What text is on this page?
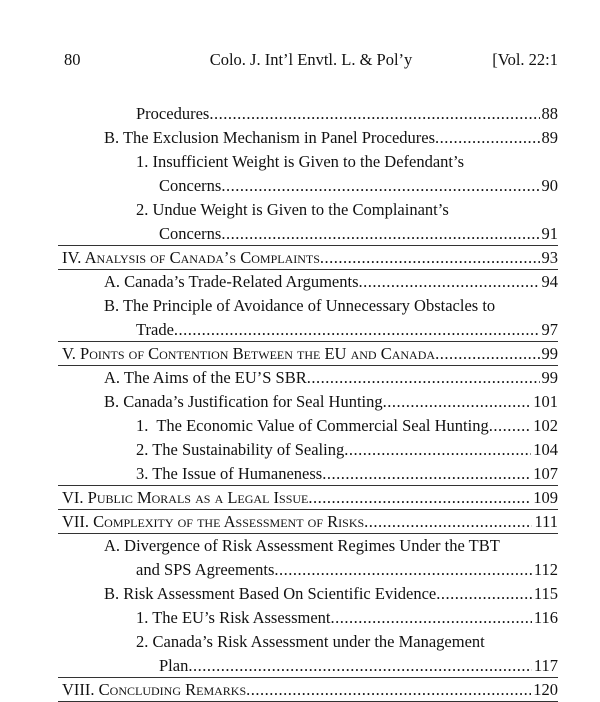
80	Colo. J. Int’l Envtl. L. & Pol’y	[Vol. 22:1
Procedures .....	88
B. The Exclusion Mechanism in Panel Procedures .....	89
1. Insufficient Weight is Given to the Defendant’s
Concerns .....	90
2. Undue Weight is Given to the Complainant’s
Concerns .....	91
IV. Analysis of Canada’s Complaints .....	93
A. Canada’s Trade-Related Arguments .....	94
B. The Principle of Avoidance of Unnecessary Obstacles to
Trade .....	97
V. Points of Contention Between the EU and Canada .....	99
A. The Aims of the EU’S SBR .....	99
B. Canada’s Justification for Seal Hunting .....	101
1.  The Economic Value of Commercial Seal Hunting .....	102
2. The Sustainability of Sealing .....	104
3. The Issue of Humaneness .....	107
VI. Public Morals as a Legal Issue .....	109
VII. Complexity of the Assessment of Risks .....	111
A. Divergence of Risk Assessment Regimes Under the TBT
and SPS Agreements .....	112
B. Risk Assessment Based On Scientific Evidence .....	115
1. The EU’s Risk Assessment .....	116
2. Canada’s Risk Assessment under the Management
Plan .....	117
VIII. Concluding Remarks .....	120
